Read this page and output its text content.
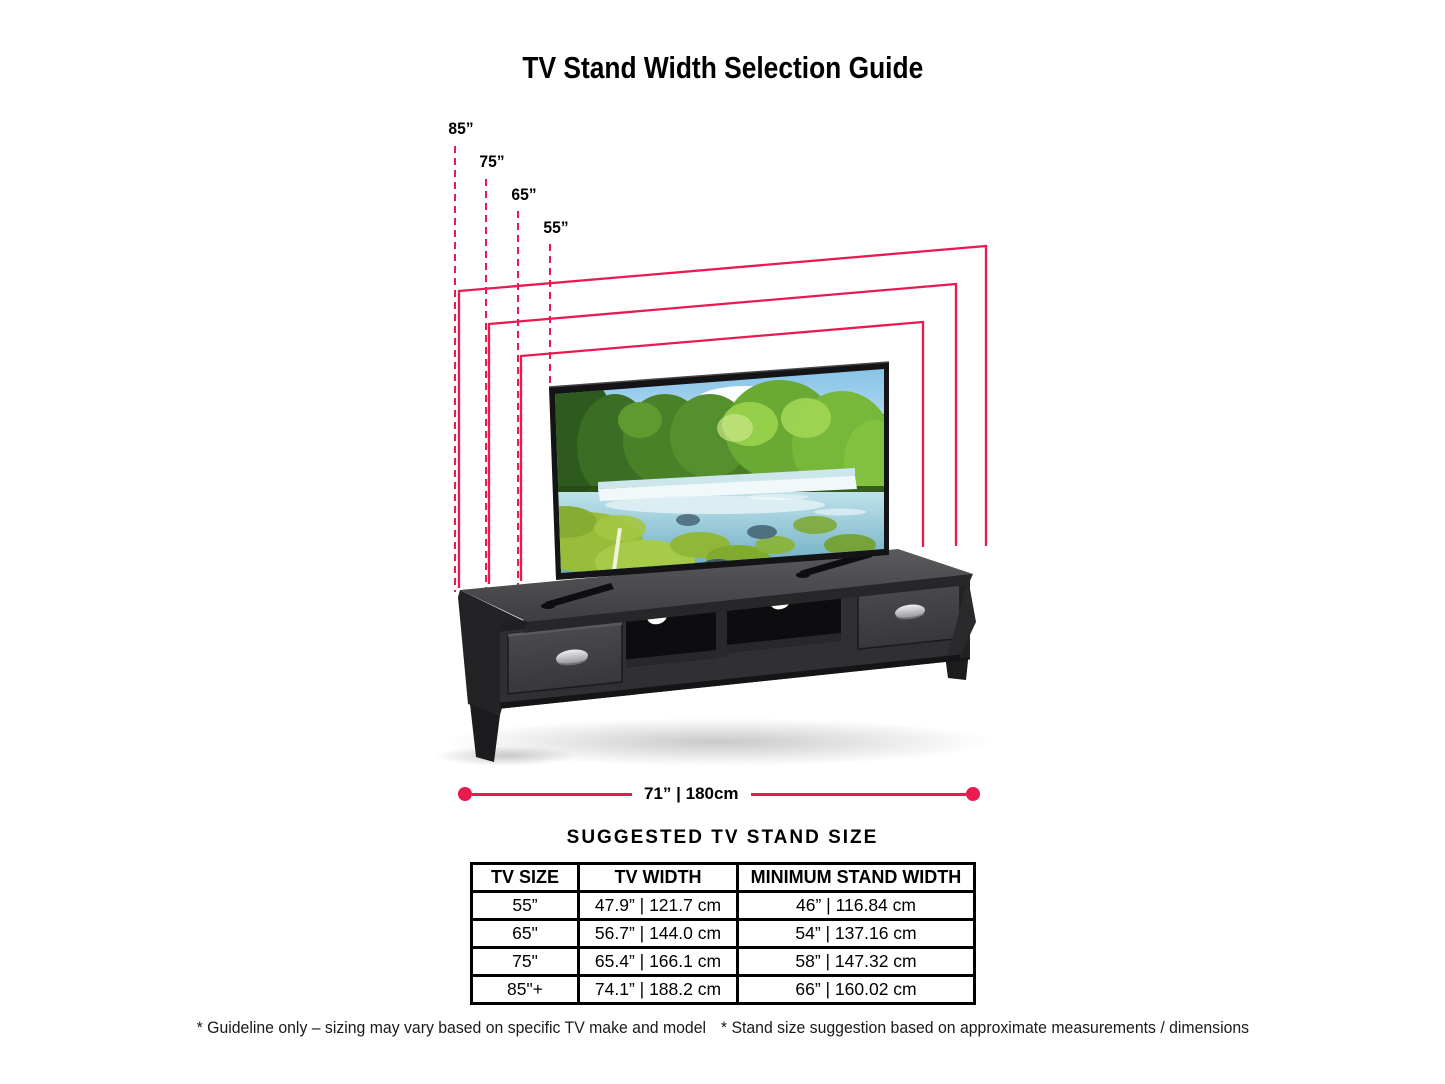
TV Stand Width Selection Guide
85”
75”
65”
55”
71” | 180cm
SUGGESTED TV STAND SIZE
TV SIZE	TV WIDTH	MINIMUM STAND WIDTH
55”	47.9” | 121.7 cm	46” | 116.84 cm
65"	56.7” | 144.0 cm	54” | 137.16 cm
75"	65.4” | 166.1 cm	58” | 147.32 cm
85"+	74.1” | 188.2 cm	66” | 160.02 cm
* Guideline only – sizing may vary based on specific TV make and model * Stand size suggestion based on approximate measurements / dimensions
